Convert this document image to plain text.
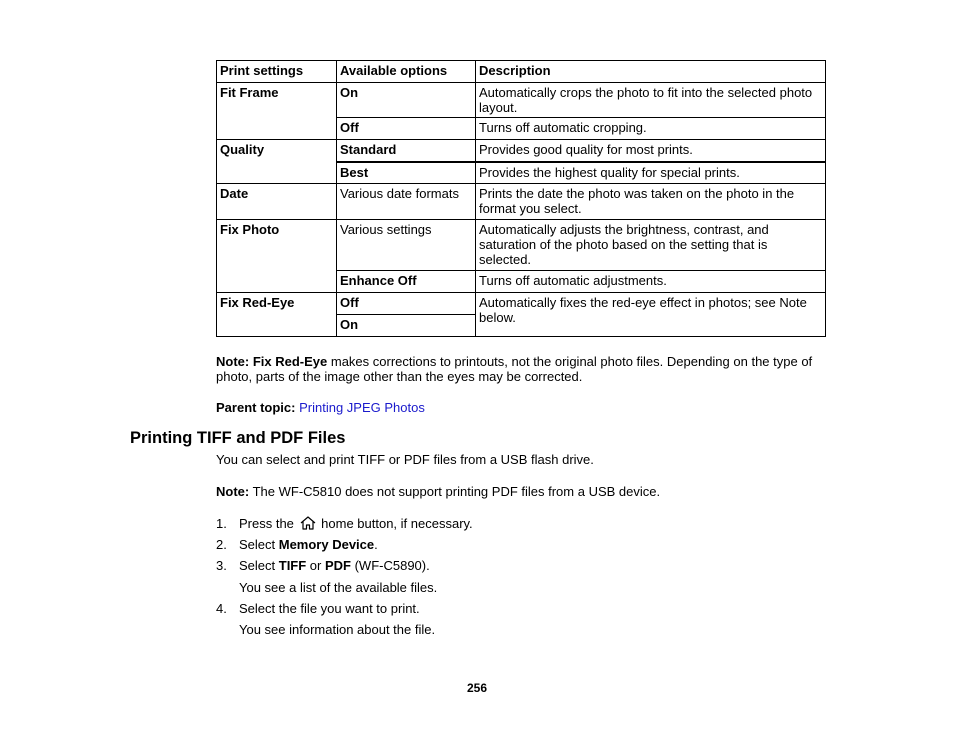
Print settings	Available options	Description
Fit Frame	On	Automatically crops the photo to fit into the selected photo layout.
	Off	Turns off automatic cropping.
Quality	Standard	Provides good quality for most prints.
	Best	Provides the highest quality for special prints.
Date	Various date formats	Prints the date the photo was taken on the photo in the format you select.
Fix Photo	Various settings	Automatically adjusts the brightness, contrast, and saturation of the photo based on the setting that is selected.
	Enhance Off	Turns off automatic adjustments.
Fix Red-Eye	Off	Automatically fixes the red-eye effect in photos; see Note below.
	On	
Note: Fix Red-Eye makes corrections to printouts, not the original photo files. Depending on the type of photo, parts of the image other than the eyes may be corrected.
Parent topic: Printing JPEG Photos
Printing TIFF and PDF Files
You can select and print TIFF or PDF files from a USB flash drive.
Note: The WF-C5810 does not support printing PDF files from a USB device.
1. Press the  home button, if necessary.
2. Select Memory Device.
3. Select TIFF or PDF (WF-C5890).
You see a list of the available files.
4. Select the file you want to print.
You see information about the file.
256
